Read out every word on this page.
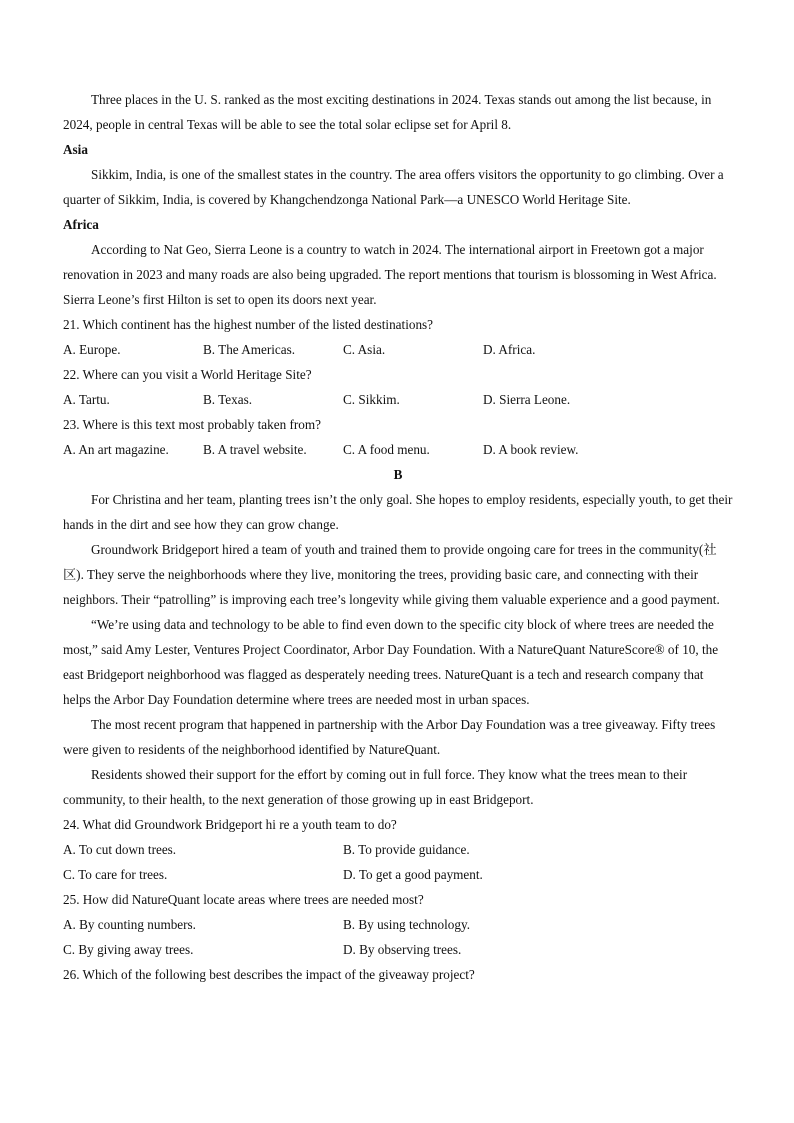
Three places in the U. S. ranked as the most exciting destinations in 2024. Texas stands out among the list because, in 2024, people in central Texas will be able to see the total solar eclipse set for April 8.

Asia

Sikkim, India, is one of the smallest states in the country. The area offers visitors the opportunity to go climbing. Over a quarter of Sikkim, India, is covered by Khangchendzonga National Park—a UNESCO World Heritage Site.

Africa

According to Nat Geo, Sierra Leone is a country to watch in 2024. The international airport in Freetown got a major renovation in 2023 and many roads are also being upgraded. The report mentions that tourism is blossoming in West Africa. Sierra Leone’s first Hilton is set to open its doors next year.

21. Which continent has the highest number of the listed destinations?

A. Europe.	B. The Americas.	C. Asia.	D. Africa.

22. Where can you visit a World Heritage Site?

A. Tartu.	B. Texas.	C. Sikkim.	D. Sierra Leone.

23. Where is this text most probably taken from?

A. An art magazine.	B. A travel website.	C. A food menu.	D. A book review.

B

For Christina and her team, planting trees isn’t the only goal. She hopes to employ residents, especially youth, to get their hands in the dirt and see how they can grow change.

Groundwork Bridgeport hired a team of youth and trained them to provide ongoing care for trees in the community(社区). They serve the neighborhoods where they live, monitoring the trees, providing basic care, and connecting with their neighbors. Their “patrolling” is improving each tree’s longevity while giving them valuable experience and a good payment.

“We’re using data and technology to be able to find even down to the specific city block of where trees are needed the most,” said Amy Lester, Ventures Project Coordinator, Arbor Day Foundation. With a NatureQuant NatureScore® of 10, the east Bridgeport neighborhood was flagged as desperately needing trees. NatureQuant is a tech and research company that helps the Arbor Day Foundation determine where trees are needed most in urban spaces.

The most recent program that happened in partnership with the Arbor Day Foundation was a tree giveaway. Fifty trees were given to residents of the neighborhood identified by NatureQuant.

Residents showed their support for the effort by coming out in full force. They know what the trees mean to their community, to their health, to the next generation of those growing up in east Bridgeport.

24. What did Groundwork Bridgeport hi re a youth team to do?

A. To cut down trees.	B. To provide guidance.
C. To care for trees.	D. To get a good payment.

25. How did NatureQuant locate areas where trees are needed most?

A. By counting numbers.	B. By using technology.
C. By giving away trees.	D. By observing trees.

26. Which of the following best describes the impact of the giveaway project?
